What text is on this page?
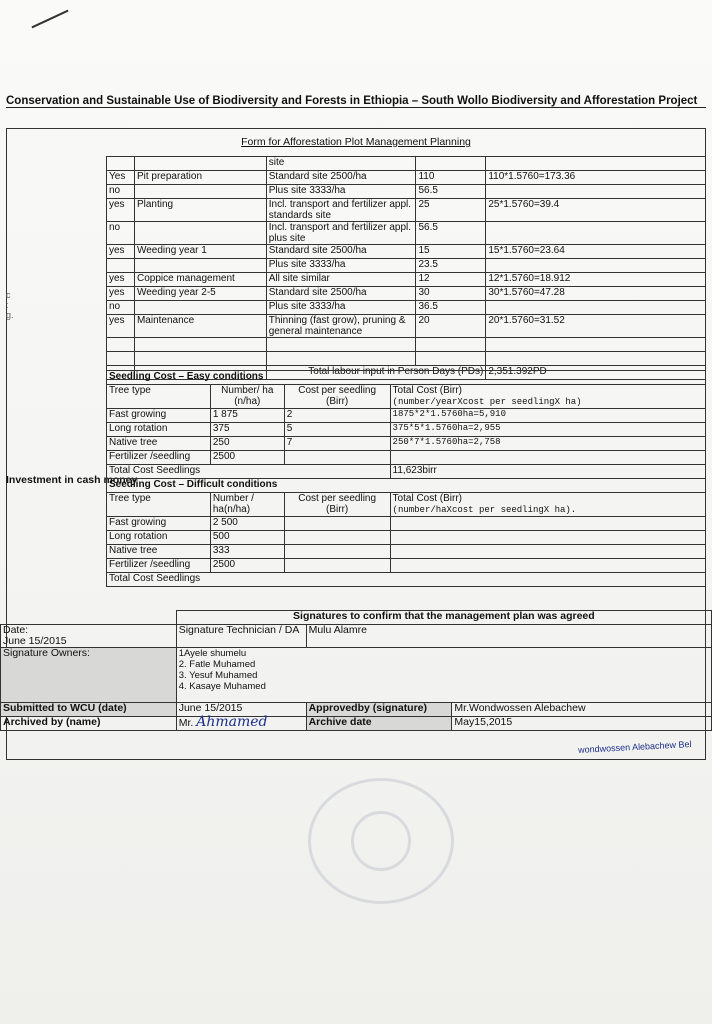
Conservation and Sustainable Use of Biodiversity and Forests in Ethiopia – South Wollo Biodiversity and Afforestation Project
Form for Afforestation Plot Management Planning
c
:
g.
		site		
Yes	Pit preparation	Standard site 2500/ha	110	110*1.5760=173.36
no		Plus site 3333/ha	56.5	
yes	Planting	Incl. transport and fertilizer appl. standards site	25	25*1.5760=39.4
no		Incl. transport and fertilizer appl. plus site	56.5	
yes	Weeding year 1	Standard site 2500/ha	15	15*1.5760=23.64
		Plus site 3333/ha	23.5	
yes	Coppice management	All site similar	12	12*1.5760=18.912
yes	Weeding year 2-5	Standard site 2500/ha	30	30*1.5760=47.28
no		Plus site 3333/ha	36.5	
yes	Maintenance	Thinning (fast grow), pruning & general maintenance	20	20*1.5760=31.52

		Total labour input in Person Days (PDs)		2,351.392PD
Investment in cash money
Seedling Cost – Easy conditions			
Tree type	Number/ ha (n/ha)	Cost per seedling (Birr)	Total Cost (Birr)
(number/yearXcost per seedlingX ha)
Fast growing	1 875	2	1875*2*1.5760ha=5,910
Long rotation	375	5	375*5*1.5760ha=2,955
Native tree	250	7	250*7*1.5760ha=2,758
Fertilizer /seedling	2500		
Total Cost Seedlings			11,623birr
Seedling Cost – Difficult conditions			
Tree type	Number / ha(n/ha)	Cost per seedling (Birr)	Total Cost (Birr)
(number/haXcost per seedlingX ha).
Fast growing	2 500		
Long rotation	500		
Native tree	333		
Fertilizer /seedling	2500		
Total Cost Seedlings			
	Signatures to confirm that the management plan was agreed		
Date:
June 15/2015	Signature Technician / DA	Mulu Alamre	
Signature Owners:	1Ayele shumelu
2. Fatle Muhamed
3. Yesuf Muhamed
4. Kasaye Muhamed		

Submitted to WCU (date)	June 15/2015	Approvedby (signature)	Mr.Wondwossen Alebachew
Archived by (name)	Mr. Ahmamed	Archive date	May15,2015
wondwossen Alebachew Bel
